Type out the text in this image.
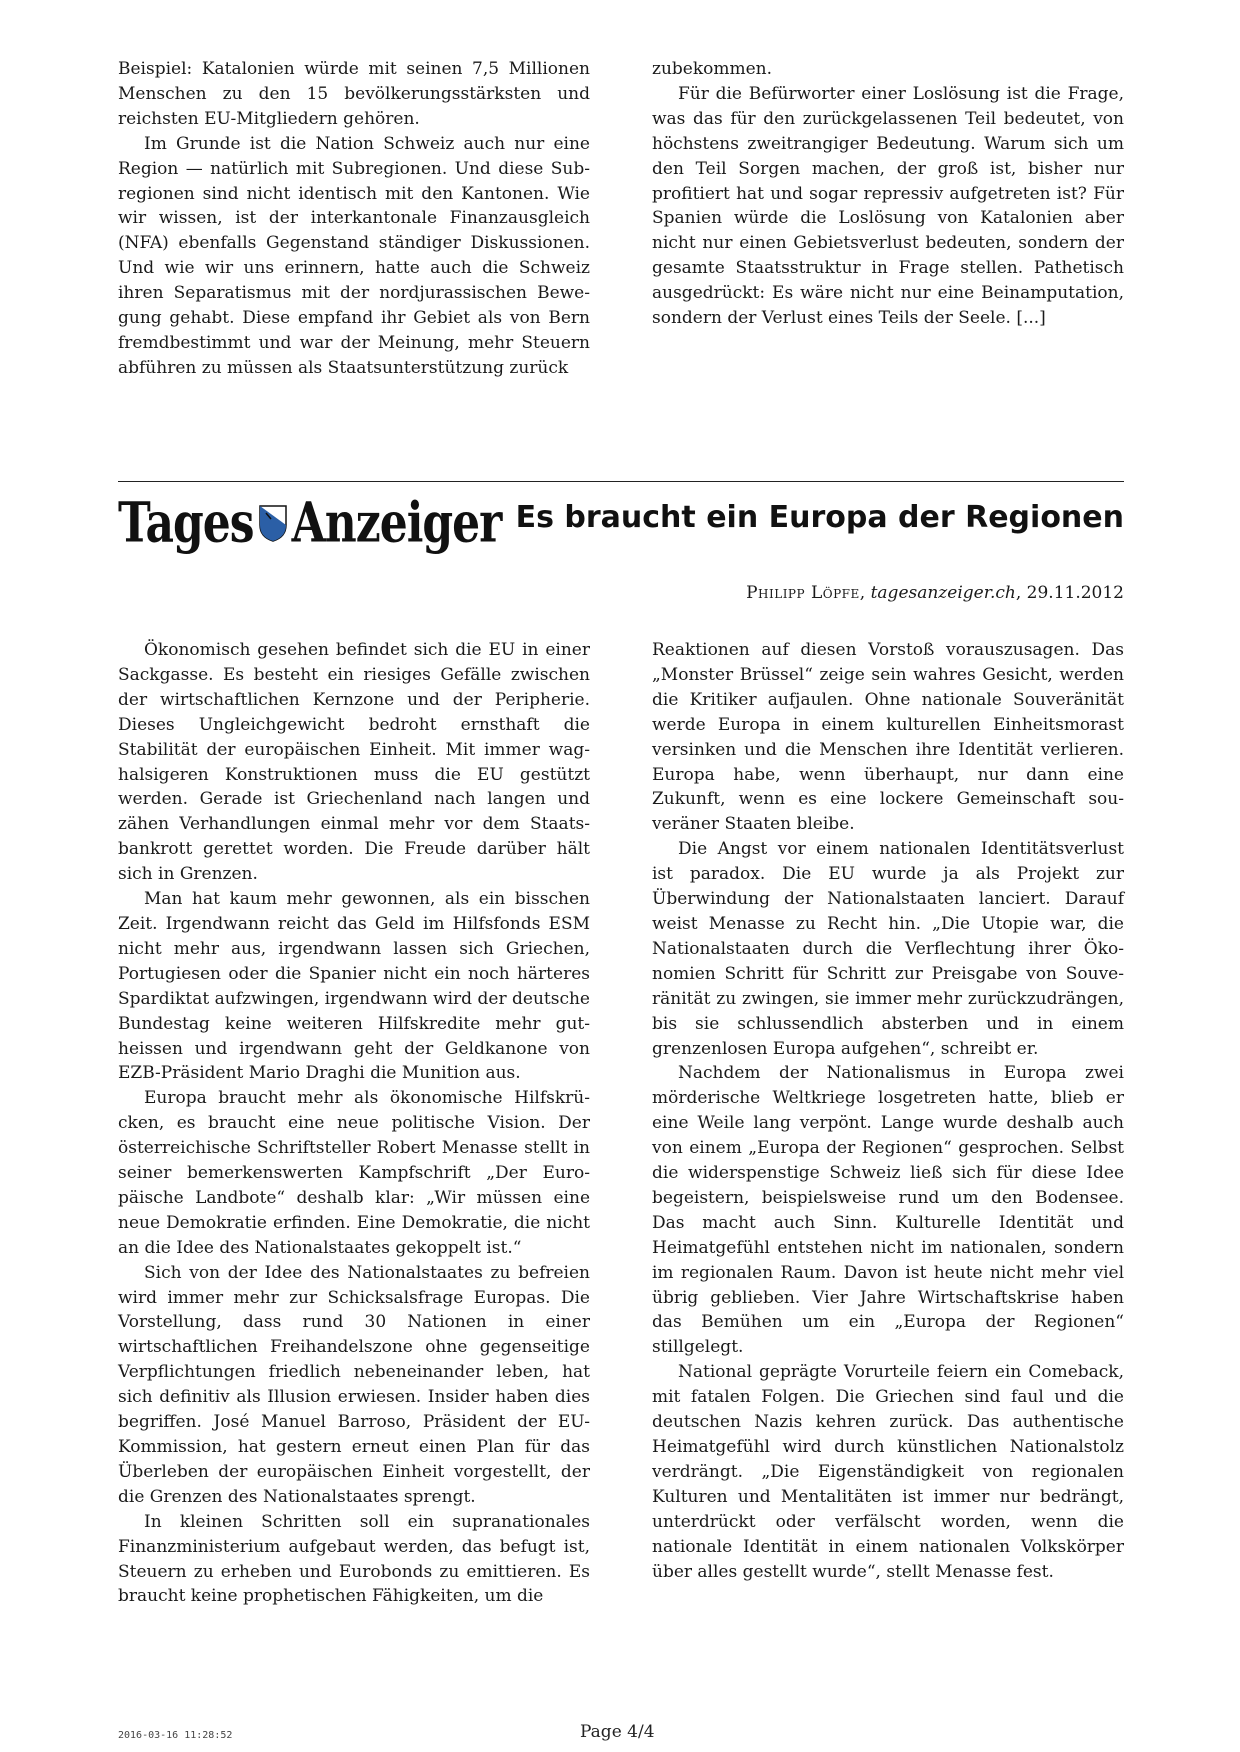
Beispiel: Katalonien würde mit seinen 7,5 Millionen Menschen zu den 15 bevölkerungsstärksten und reichsten EU-Mitgliedern gehören.

Im Grunde ist die Nation Schweiz auch nur eine Region — natürlich mit Subregionen. Und diese Subregionen sind nicht identisch mit den Kantonen. Wie wir wissen, ist der interkantonale Finanzausgleich (NFA) ebenfalls Gegenstand ständiger Diskussionen. Und wie wir uns erinnern, hatte auch die Schweiz ihren Separatismus mit der nordjurassischen Bewegung gehabt. Diese empfand ihr Gebiet als von Bern fremdbestimmt und war der Meinung, mehr Steuern abführen zu müssen als Staatsunterstützung zurück

zubekommen.

Für die Befürworter einer Loslösung ist die Frage, was das für den zurückgelassenen Teil bedeutet, von höchstens zweitrangiger Bedeutung. Warum sich um den Teil Sorgen machen, der groß ist, bisher nur profitiert hat und sogar repressiv aufgetreten ist? Für Spanien würde die Loslösung von Katalonien aber nicht nur einen Gebietsverlust bedeuten, sondern der gesamte Staatsstruktur in Frage stellen. Pathetisch ausgedrückt: Es wäre nicht nur eine Beinamputation, sondern der Verlust eines Teils der Seele. [...]

Tages Anzeiger Es braucht ein Europa der Regionen
Philipp Löpfe, tagesanzeiger.ch, 29.11.2012

Ökonomisch gesehen befindet sich die EU in einer Sackgasse. Es besteht ein riesiges Gefälle zwischen der wirtschaftlichen Kernzone und der Peripherie. Dieses Ungleichgewicht bedroht ernsthaft die Stabilität der europäischen Einheit. Mit immer waghalsigeren Konstruktionen muss die EU gestützt werden. Gerade ist Griechenland nach langen und zähen Verhandlungen einmal mehr vor dem Staatsbankrott gerettet worden. Die Freude darüber hält sich in Grenzen.

Man hat kaum mehr gewonnen, als ein bisschen Zeit. Irgendwann reicht das Geld im Hilfsfonds ESM nicht mehr aus, irgendwann lassen sich Griechen, Portugiesen oder die Spanier nicht ein noch härteres Spardiktat aufzwingen, irgendwann wird der deutsche Bundestag keine weiteren Hilfskredite mehr gutheissen und irgendwann geht der Geldkanone von EZB-Präsident Mario Draghi die Munition aus.

Europa braucht mehr als ökonomische Hilfskrücken, es braucht eine neue politische Vision. Der österreichische Schriftsteller Robert Menasse stellt in seiner bemerkenswerten Kampfschrift „Der Europäische Landbote“ deshalb klar: „Wir müssen eine neue Demokratie erfinden. Eine Demokratie, die nicht an die Idee des Nationalstaates gekoppelt ist.“

Sich von der Idee des Nationalstaates zu befreien wird immer mehr zur Schicksalsfrage Europas. Die Vorstellung, dass rund 30 Nationen in einer wirtschaftlichen Freihandelszone ohne gegenseitige Verpflichtungen friedlich nebeneinander leben, hat sich definitiv als Illusion erwiesen. Insider haben dies begriffen. José Manuel Barroso, Präsident der EU-Kommission, hat gestern erneut einen Plan für das Überleben der europäischen Einheit vorgestellt, der die Grenzen des Nationalstaates sprengt.

In kleinen Schritten soll ein supranationales Finanzministerium aufgebaut werden, das befugt ist, Steuern zu erheben und Eurobonds zu emittieren. Es braucht keine prophetischen Fähigkeiten, um die

Reaktionen auf diesen Vorstoß vorauszusagen. Das „Monster Brüssel“ zeige sein wahres Gesicht, werden die Kritiker aufjaulen. Ohne nationale Souveränität werde Europa in einem kulturellen Einheitsmorast versinken und die Menschen ihre Identität verlieren. Europa habe, wenn überhaupt, nur dann eine Zukunft, wenn es eine lockere Gemeinschaft souveräner Staaten bleibe.

Die Angst vor einem nationalen Identitätsverlust ist paradox. Die EU wurde ja als Projekt zur Überwindung der Nationalstaaten lanciert. Darauf weist Menasse zu Recht hin. „Die Utopie war, die Nationalstaaten durch die Verflechtung ihrer Ökonomien Schritt für Schritt zur Preisgabe von Souveränität zu zwingen, sie immer mehr zurückzudrängen, bis sie schlussendlich absterben und in einem grenzenlosen Europa aufgehen“, schreibt er.

Nachdem der Nationalismus in Europa zwei mörderische Weltkriege losgetreten hatte, blieb er eine Weile lang verpönt. Lange wurde deshalb auch von einem „Europa der Regionen“ gesprochen. Selbst die widerspenstige Schweiz ließ sich für diese Idee begeistern, beispielsweise rund um den Bodensee. Das macht auch Sinn. Kulturelle Identität und Heimatgefühl entstehen nicht im nationalen, sondern im regionalen Raum. Davon ist heute nicht mehr viel übrig geblieben. Vier Jahre Wirtschaftskrise haben das Bemühen um ein „Europa der Regionen“ stillgelegt.

National geprägte Vorurteile feiern ein Comeback, mit fatalen Folgen. Die Griechen sind faul und die deutschen Nazis kehren zurück. Das authentische Heimatgefühl wird durch künstlichen Nationalstolz verdrängt. „Die Eigenständigkeit von regionalen Kulturen und Mentalitäten ist immer nur bedrängt, unterdrückt oder verfälscht worden, wenn die nationale Identität in einem nationalen Volkskörper über alles gestellt wurde“, stellt Menasse fest.

2016-03-16 11:28:52	Page 4/4
